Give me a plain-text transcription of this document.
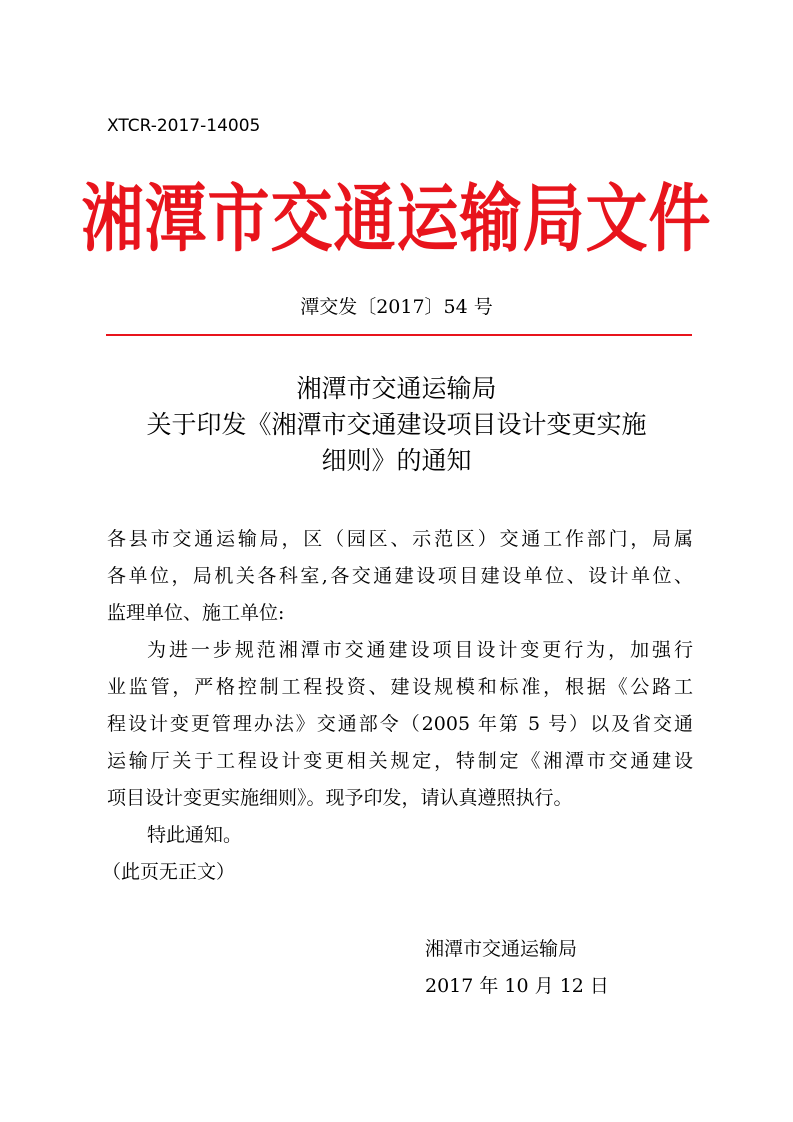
XTCR-2017-14005
湘潭市交通运输局文件
潭交发〔2017〕54 号
湘潭市交通运输局
关于印发《湘潭市交通建设项目设计变更实施
细则》的通知
各县市交通运输局，区（园区、示范区）交通工作部门，局属
各单位，局机关各科室,各交通建设项目建设单位、设计单位、
监理单位、施工单位:
为进一步规范湘潭市交通建设项目设计变更行为，加强行
业监管，严格控制工程投资、建设规模和标准，根据《公路工
程设计变更管理办法》交通部令（2005 年第 5 号）以及省交通
运输厅关于工程设计变更相关规定，特制定《湘潭市交通建设
项目设计变更实施细则》。现予印发，请认真遵照执行。
特此通知。
（此页无正文）
湘潭市交通运输局
2017 年 10 月 12 日
